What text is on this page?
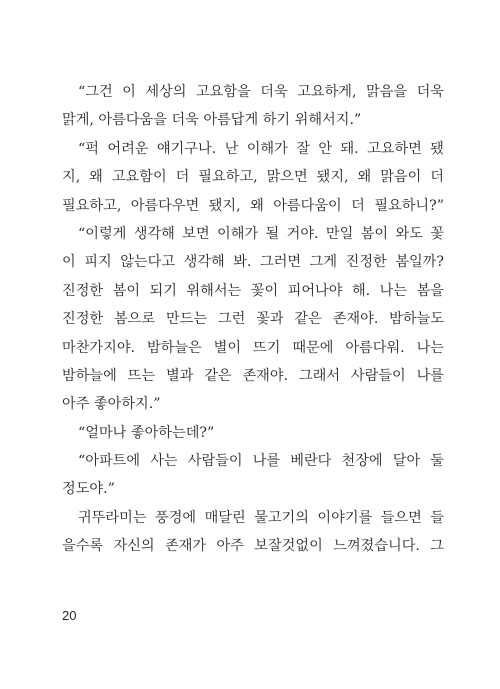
“그건 이 세상의 고요함을 더욱 고요하게, 맑음을 더욱
맑게, 아름다움을 더욱 아름답게 하기 위해서지.”
“퍽 어려운 얘기구나. 난 이해가 잘 안 돼. 고요하면 됐
지, 왜 고요함이 더 필요하고, 맑으면 됐지, 왜 맑음이 더
필요하고, 아름다우면 됐지, 왜 아름다움이 더 필요하니?”
“이렇게 생각해 보면 이해가 될 거야. 만일 봄이 와도 꽃
이 피지 않는다고 생각해 봐. 그러면 그게 진정한 봄일까?
진정한 봄이 되기 위해서는 꽃이 피어나야 해. 나는 봄을
진정한 봄으로 만드는 그런 꽃과 같은 존재야. 밤하늘도
마찬가지야. 밤하늘은 별이 뜨기 때문에 아름다워. 나는
밤하늘에 뜨는 별과 같은 존재야. 그래서 사람들이 나를
아주 좋아하지.”
“얼마나 좋아하는데?”
“아파트에 사는 사람들이 나를 베란다 천장에 달아 둘
정도야.”
귀뚜라미는 풍경에 매달린 물고기의 이야기를 들으면 들
을수록 자신의 존재가 아주 보잘것없이 느껴졌습니다. 그
20
